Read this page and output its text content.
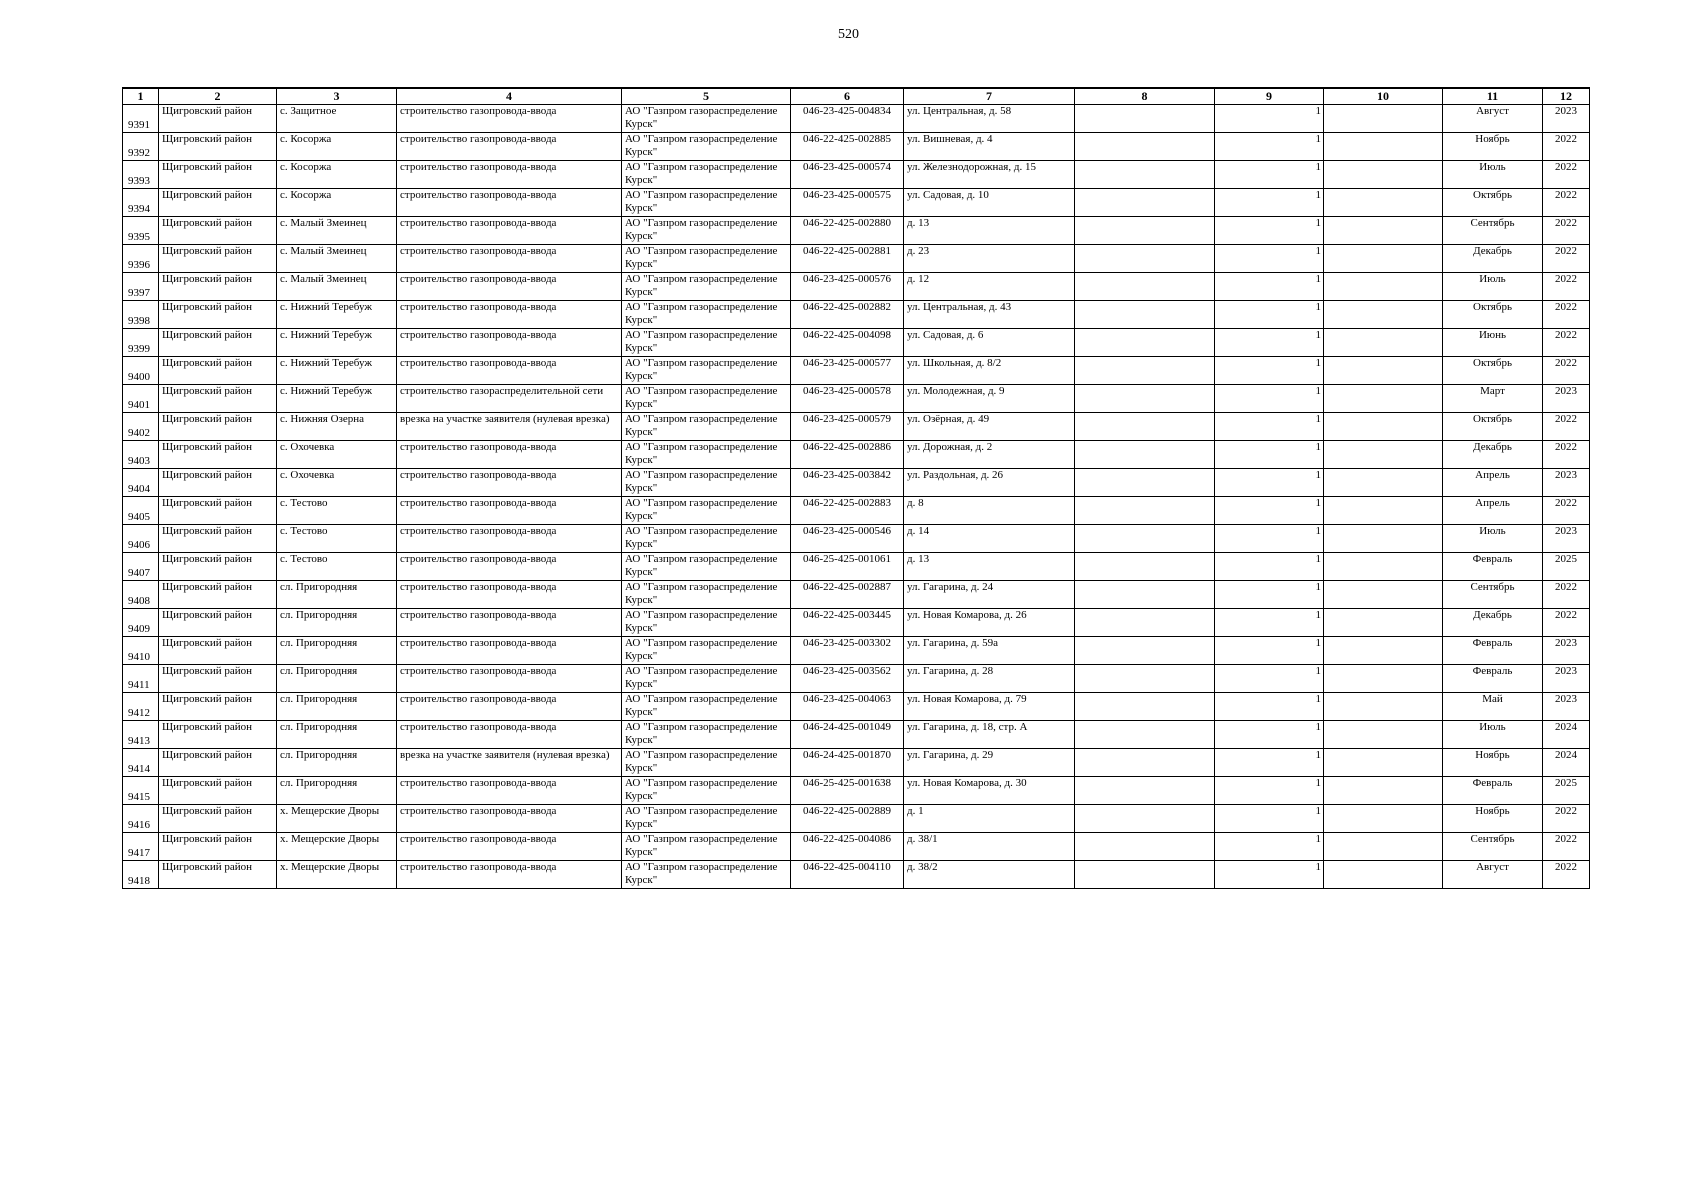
520
1	2	3	4	5	6	7	8	9	10	11	12
9391	Щигровский район	с. Защитное	строительство газопровода-ввода	АО "Газпром газораспределение Курск"	046-23-425-004834	ул. Центральная, д. 58		1		Август	2023

9392	Щигровский район	с. Косоржа	строительство газопровода-ввода	АО "Газпром газораспределение Курск"	046-22-425-002885	ул. Вишневая, д. 4		1		Ноябрь	2022

9393	Щигровский район	с. Косоржа	строительство газопровода-ввода	АО "Газпром газораспределение Курск"	046-23-425-000574	ул. Железнодорожная, д. 15		1		Июль	2022

9394	Щигровский район	с. Косоржа	строительство газопровода-ввода	АО "Газпром газораспределение Курск"	046-23-425-000575	ул. Садовая, д. 10		1		Октябрь	2022

9395	Щигровский район	с. Малый Змеинец	строительство газопровода-ввода	АО "Газпром газораспределение Курск"	046-22-425-002880	д. 13		1		Сентябрь	2022

9396	Щигровский район	с. Малый Змеинец	строительство газопровода-ввода	АО "Газпром газораспределение Курск"	046-22-425-002881	д. 23		1		Декабрь	2022

9397	Щигровский район	с. Малый Змеинец	строительство газопровода-ввода	АО "Газпром газораспределение Курск"	046-23-425-000576	д. 12		1		Июль	2022

9398	Щигровский район	с. Нижний Теребуж	строительство газопровода-ввода	АО "Газпром газораспределение Курск"	046-22-425-002882	ул. Центральная, д. 43		1		Октябрь	2022

9399	Щигровский район	с. Нижний Теребуж	строительство газопровода-ввода	АО "Газпром газораспределение Курск"	046-22-425-004098	ул. Садовая, д. 6		1		Июнь	2022

9400	Щигровский район	с. Нижний Теребуж	строительство газопровода-ввода	АО "Газпром газораспределение Курск"	046-23-425-000577	ул. Школьная, д. 8/2		1		Октябрь	2022

9401	Щигровский район	с. Нижний Теребуж	строительство газораспределительной сети	АО "Газпром газораспределение Курск"	046-23-425-000578	ул. Молодежная, д. 9		1		Март	2023

9402	Щигровский район	с. Нижняя Озерна	врезка на участке заявителя (нулевая врезка)	АО "Газпром газораспределение Курск"	046-23-425-000579	ул. Озёрная, д. 49		1		Октябрь	2022

9403	Щигровский район	с. Охочевка	строительство газопровода-ввода	АО "Газпром газораспределение Курск"	046-22-425-002886	ул. Дорожная, д. 2		1		Декабрь	2022

9404	Щигровский район	с. Охочевка	строительство газопровода-ввода	АО "Газпром газораспределение Курск"	046-23-425-003842	ул. Раздольная, д. 26		1		Апрель	2023

9405	Щигровский район	с. Тестово	строительство газопровода-ввода	АО "Газпром газораспределение Курск"	046-22-425-002883	д. 8		1		Апрель	2022

9406	Щигровский район	с. Тестово	строительство газопровода-ввода	АО "Газпром газораспределение Курск"	046-23-425-000546	д. 14		1		Июль	2023

9407	Щигровский район	с. Тестово	строительство газопровода-ввода	АО "Газпром газораспределение Курск"	046-25-425-001061	д. 13		1		Февраль	2025

9408	Щигровский район	сл. Пригородняя	строительство газопровода-ввода	АО "Газпром газораспределение Курск"	046-22-425-002887	ул. Гагарина, д. 24		1		Сентябрь	2022

9409	Щигровский район	сл. Пригородняя	строительство газопровода-ввода	АО "Газпром газораспределение Курск"	046-22-425-003445	ул. Новая Комарова, д. 26		1		Декабрь	2022

9410	Щигровский район	сл. Пригородняя	строительство газопровода-ввода	АО "Газпром газораспределение Курск"	046-23-425-003302	ул. Гагарина, д. 59а		1		Февраль	2023

9411	Щигровский район	сл. Пригородняя	строительство газопровода-ввода	АО "Газпром газораспределение Курск"	046-23-425-003562	ул. Гагарина, д. 28		1		Февраль	2023

9412	Щигровский район	сл. Пригородняя	строительство газопровода-ввода	АО "Газпром газораспределение Курск"	046-23-425-004063	ул. Новая Комарова, д. 79		1		Май	2023

9413	Щигровский район	сл. Пригородняя	строительство газопровода-ввода	АО "Газпром газораспределение Курск"	046-24-425-001049	ул. Гагарина, д. 18, стр. А		1		Июль	2024

9414	Щигровский район	сл. Пригородняя	врезка на участке заявителя (нулевая врезка)	АО "Газпром газораспределение Курск"	046-24-425-001870	ул. Гагарина, д. 29		1		Ноябрь	2024

9415	Щигровский район	сл. Пригородняя	строительство газопровода-ввода	АО "Газпром газораспределение Курск"	046-25-425-001638	ул. Новая Комарова, д. 30		1		Февраль	2025

9416	Щигровский район	х. Мещерские Дворы	строительство газопровода-ввода	АО "Газпром газораспределение Курск"	046-22-425-002889	д. 1		1		Ноябрь	2022

9417	Щигровский район	х. Мещерские Дворы	строительство газопровода-ввода	АО "Газпром газораспределение Курск"	046-22-425-004086	д. 38/1		1		Сентябрь	2022

9418	Щигровский район	х. Мещерские Дворы	строительство газопровода-ввода	АО "Газпром газораспределение Курск"	046-22-425-004110	д. 38/2		1		Август	2022
